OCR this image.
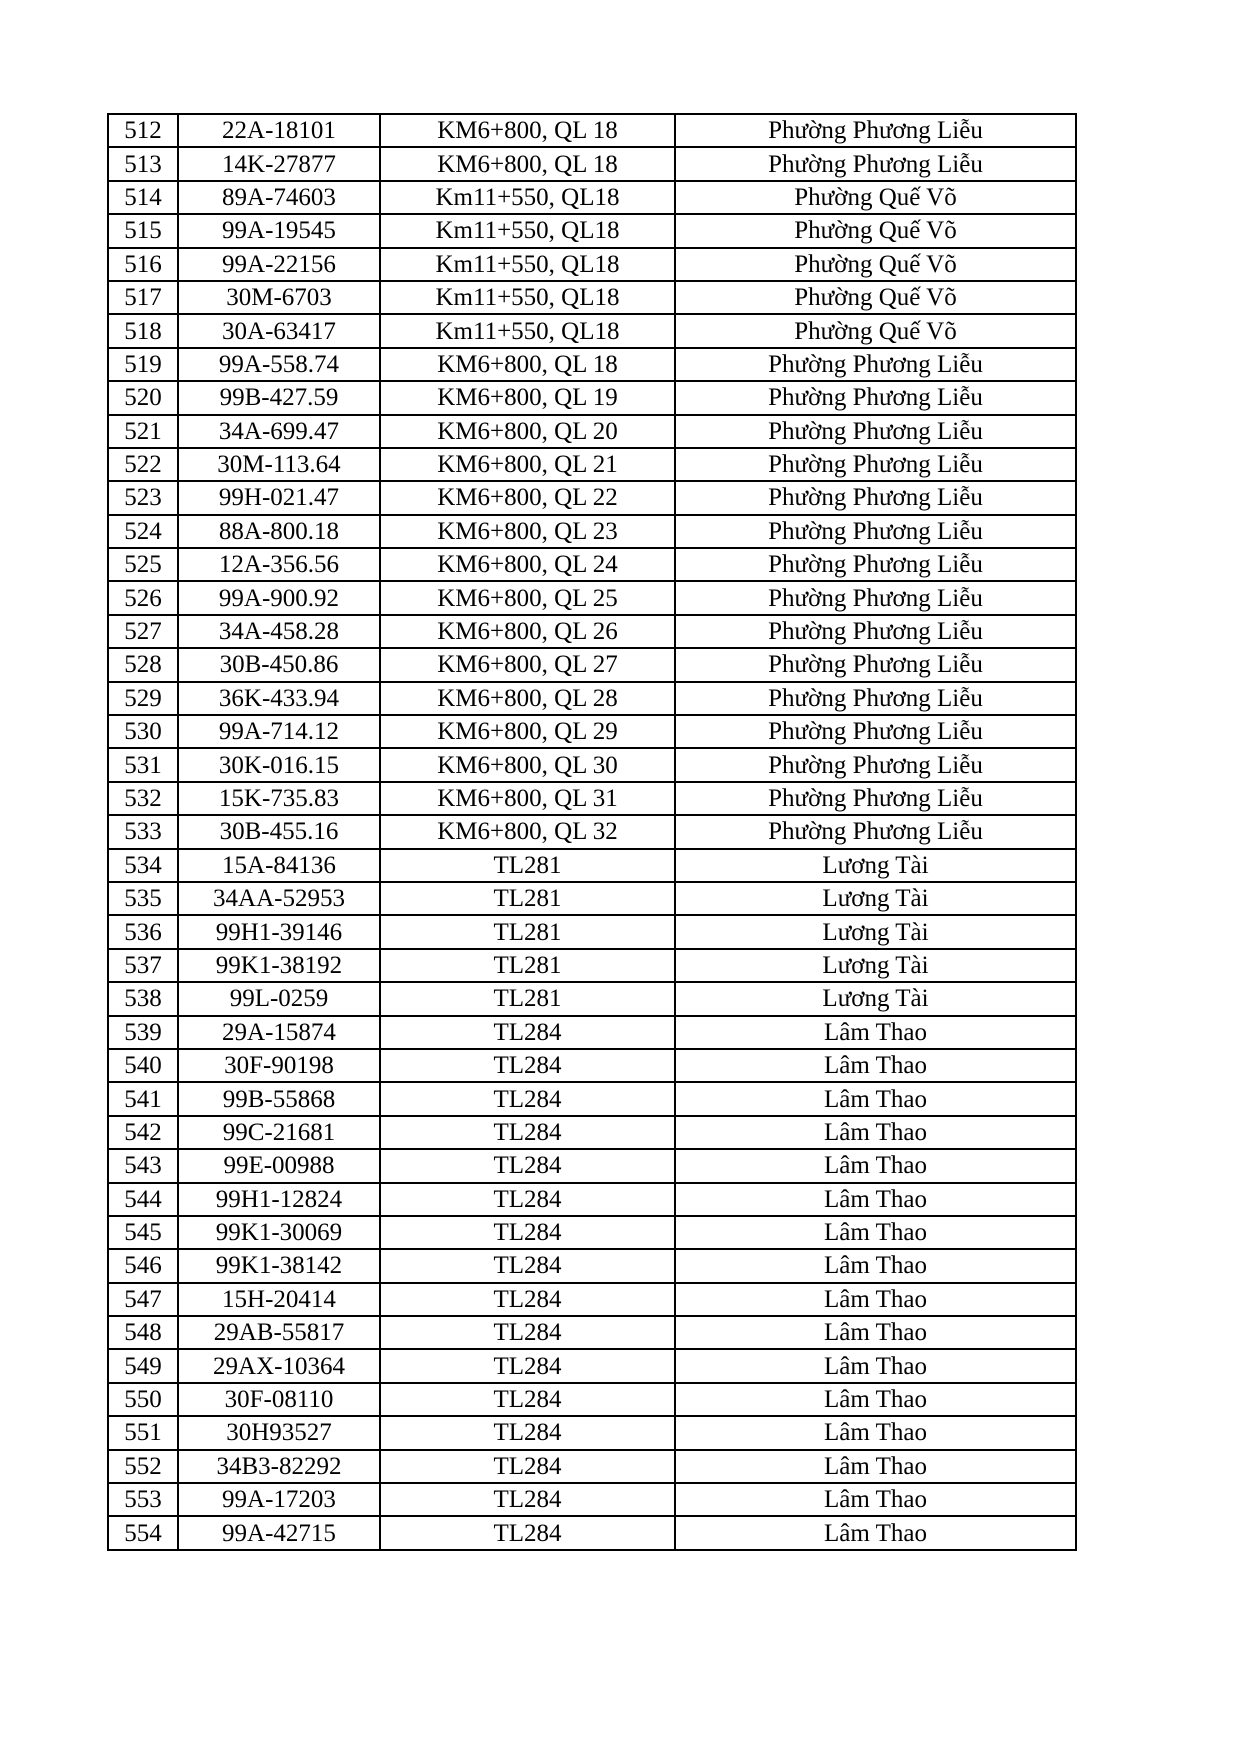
512	22A-18101	KM6+800, QL 18	Phường Phương Liễu
513	14K-27877	KM6+800, QL 18	Phường Phương Liễu
514	89A-74603	Km11+550, QL18	Phường Quế Võ
515	99A-19545	Km11+550, QL18	Phường Quế Võ
516	99A-22156	Km11+550, QL18	Phường Quế Võ
517	30M-6703	Km11+550, QL18	Phường Quế Võ
518	30A-63417	Km11+550, QL18	Phường Quế Võ
519	99A-558.74	KM6+800, QL 18	Phường Phương Liễu
520	99B-427.59	KM6+800, QL 19	Phường Phương Liễu
521	34A-699.47	KM6+800, QL 20	Phường Phương Liễu
522	30M-113.64	KM6+800, QL 21	Phường Phương Liễu
523	99H-021.47	KM6+800, QL 22	Phường Phương Liễu
524	88A-800.18	KM6+800, QL 23	Phường Phương Liễu
525	12A-356.56	KM6+800, QL 24	Phường Phương Liễu
526	99A-900.92	KM6+800, QL 25	Phường Phương Liễu
527	34A-458.28	KM6+800, QL 26	Phường Phương Liễu
528	30B-450.86	KM6+800, QL 27	Phường Phương Liễu
529	36K-433.94	KM6+800, QL 28	Phường Phương Liễu
530	99A-714.12	KM6+800, QL 29	Phường Phương Liễu
531	30K-016.15	KM6+800, QL 30	Phường Phương Liễu
532	15K-735.83	KM6+800, QL 31	Phường Phương Liễu
533	30B-455.16	KM6+800, QL 32	Phường Phương Liễu
534	15A-84136	TL281	Lương Tài
535	34AA-52953	TL281	Lương Tài
536	99H1-39146	TL281	Lương Tài
537	99K1-38192	TL281	Lương Tài
538	99L-0259	TL281	Lương Tài
539	29A-15874	TL284	Lâm Thao
540	30F-90198	TL284	Lâm Thao
541	99B-55868	TL284	Lâm Thao
542	99C-21681	TL284	Lâm Thao
543	99E-00988	TL284	Lâm Thao
544	99H1-12824	TL284	Lâm Thao
545	99K1-30069	TL284	Lâm Thao
546	99K1-38142	TL284	Lâm Thao
547	15H-20414	TL284	Lâm Thao
548	29AB-55817	TL284	Lâm Thao
549	29AX-10364	TL284	Lâm Thao
550	30F-08110	TL284	Lâm Thao
551	30H93527	TL284	Lâm Thao
552	34B3-82292	TL284	Lâm Thao
553	99A-17203	TL284	Lâm Thao
554	99A-42715	TL284	Lâm Thao
